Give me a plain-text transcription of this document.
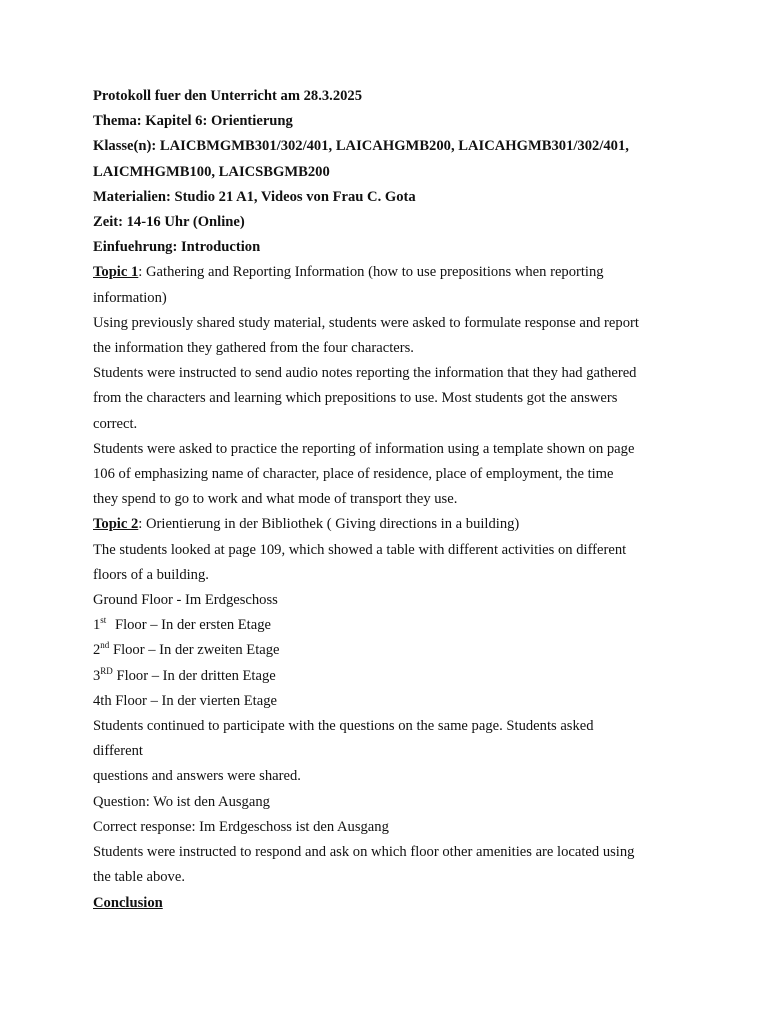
Protokoll fuer den Unterricht am 28.3.2025
Thema: Kapitel 6: Orientierung
Klasse(n): LAICBMGMB301/302/401, LAICAHGMB200, LAICAHGMB301/302/401,
LAICMHGMB100, LAICSBGMB200
Materialien: Studio 21 A1, Videos von Frau C. Gota
Zeit: 14-16 Uhr (Online)
Einfuehrung: Introduction
Topic 1: Gathering and Reporting Information (how to use prepositions when reporting
information)
Using previously shared study material, students were asked to formulate response and report
the information they gathered from the four characters.
Students were instructed to send audio notes reporting the information that they had gathered
from the characters and learning which prepositions to use. Most students got the answers
correct.
Students were asked to practice the reporting of information using a template shown on page
106 of emphasizing name of character, place of residence, place of employment, the time
they spend to go to work and what mode of transport they use.
Topic 2: Orientierung in der Bibliothek ( Giving directions in a building)
The students looked at page 109, which showed a table with different activities on different
floors of a building.
Ground Floor - Im Erdgeschoss
1st Floor – In der ersten Etage
2nd Floor – In der zweiten Etage
3RD Floor – In der dritten Etage
4th Floor – In der vierten Etage
Students continued to participate with the questions on the same page. Students asked
different
questions and answers were shared.
Question: Wo ist den Ausgang
Correct response: Im Erdgeschoss ist den Ausgang
Students were instructed to respond and ask on which floor other amenities are located using
the table above.
Conclusion
